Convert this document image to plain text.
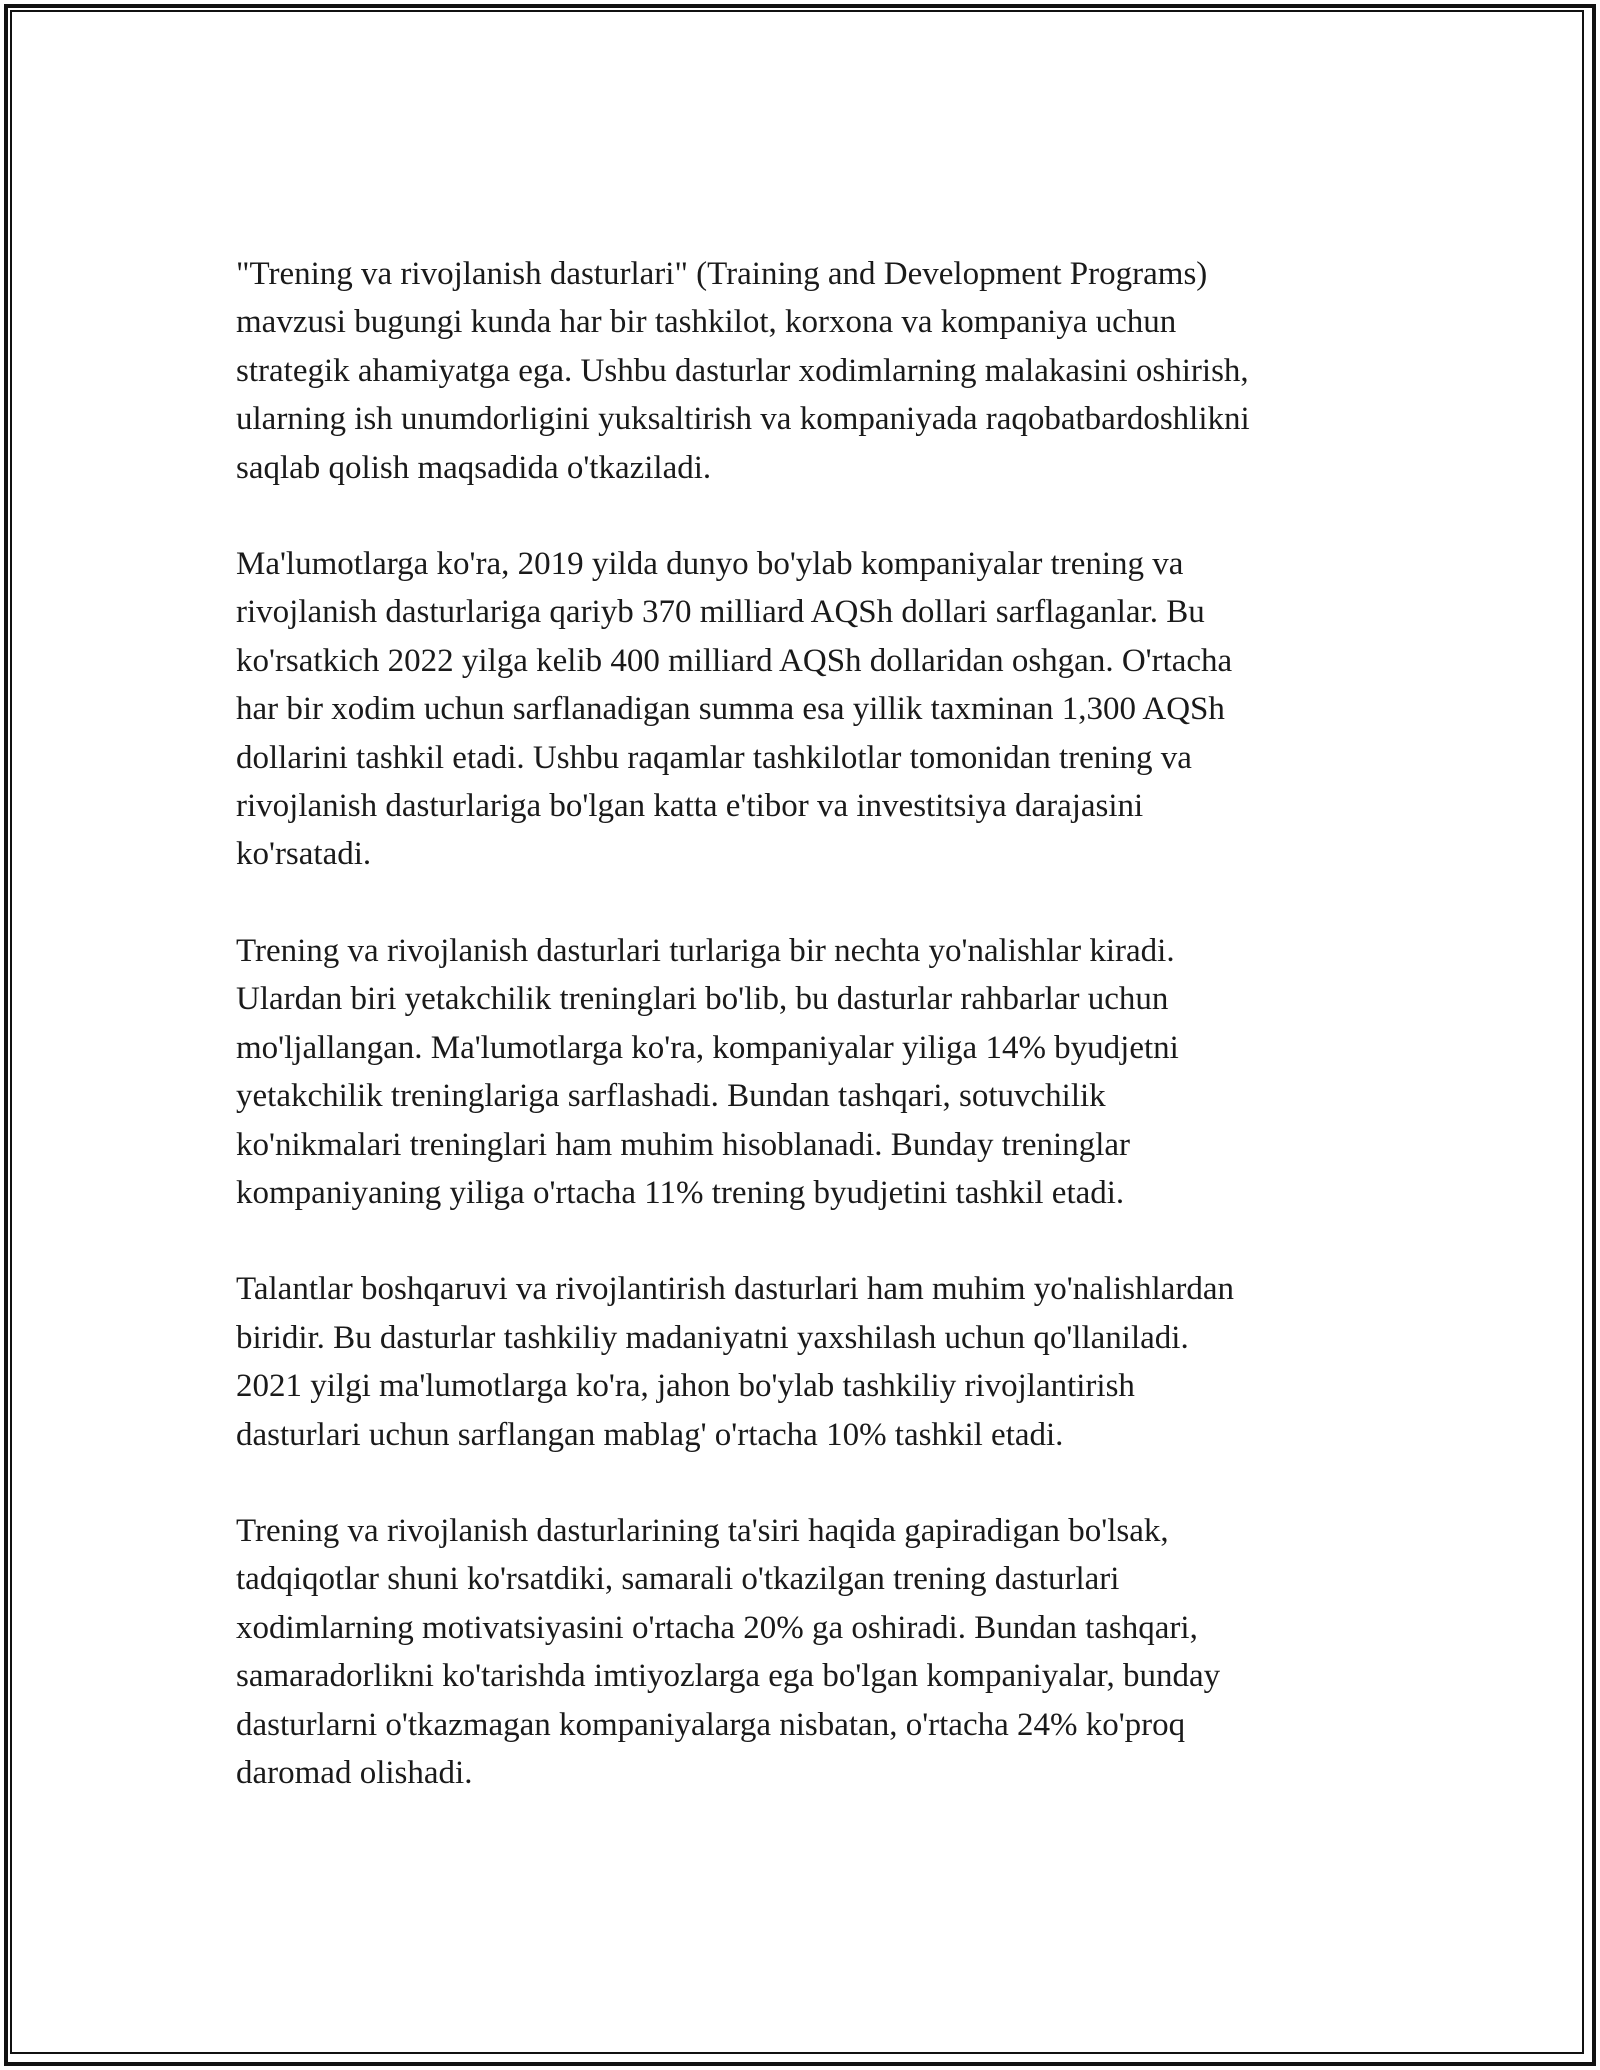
"Trening va rivojlanish dasturlari" (Training and Development Programs)
mavzusi bugungi kunda har bir tashkilot, korxona va kompaniya uchun
strategik ahamiyatga ega. Ushbu dasturlar xodimlarning malakasini oshirish,
ularning ish unumdorligini yuksaltirish va kompaniyada raqobatbardoshlikni
saqlab qolish maqsadida o'tkaziladi.

Ma'lumotlarga ko'ra, 2019 yilda dunyo bo'ylab kompaniyalar trening va
rivojlanish dasturlariga qariyb 370 milliard AQSh dollari sarflaganlar. Bu
ko'rsatkich 2022 yilga kelib 400 milliard AQSh dollaridan oshgan. O'rtacha
har bir xodim uchun sarflanadigan summa esa yillik taxminan 1,300 AQSh
dollarini tashkil etadi. Ushbu raqamlar tashkilotlar tomonidan trening va
rivojlanish dasturlariga bo'lgan katta e'tibor va investitsiya darajasini
ko'rsatadi.

Trening va rivojlanish dasturlari turlariga bir nechta yo'nalishlar kiradi.
Ulardan biri yetakchilik treninglari bo'lib, bu dasturlar rahbarlar uchun
mo'ljallangan. Ma'lumotlarga ko'ra, kompaniyalar yiliga 14% byudjetni
yetakchilik treninglariga sarflashadi. Bundan tashqari, sotuvchilik
ko'nikmalari treninglari ham muhim hisoblanadi. Bunday treninglar
kompaniyaning yiliga o'rtacha 11% trening byudjetini tashkil etadi.

Talantlar boshqaruvi va rivojlantirish dasturlari ham muhim yo'nalishlardan
biridir. Bu dasturlar tashkiliy madaniyatni yaxshilash uchun qo'llaniladi.
2021 yilgi ma'lumotlarga ko'ra, jahon bo'ylab tashkiliy rivojlantirish
dasturlari uchun sarflangan mablag' o'rtacha 10% tashkil etadi.

Trening va rivojlanish dasturlarining ta'siri haqida gapiradigan bo'lsak,
tadqiqotlar shuni ko'rsatdiki, samarali o'tkazilgan trening dasturlari
xodimlarning motivatsiyasini o'rtacha 20% ga oshiradi. Bundan tashqari,
samaradorlikni ko'tarishda imtiyozlarga ega bo'lgan kompaniyalar, bunday
dasturlarni o'tkazmagan kompaniyalarga nisbatan, o'rtacha 24% ko'proq
daromad olishadi.
